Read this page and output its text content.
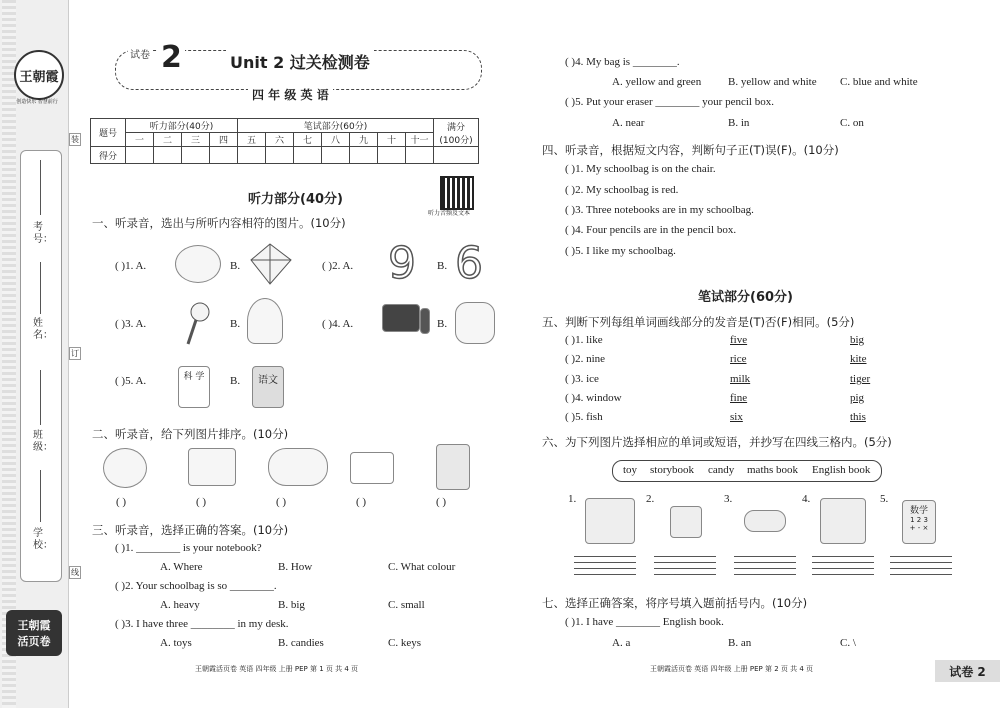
王朝霞
创造快乐 智慧前行
考号：
姓名：
班级：
学校：
装
订
线
王朝霞
活页卷
试卷 2	Unit 2 过关检测卷
四 年 级 英 语
题号	听力部分(40分)				笔试部分(60分)							满分
(100分)
	一	二	三	四	五	六	七	八	九	十	十一	
得分												
听力部分(40分)
听力音频及文本
一、听录音，选出与所听内容相符的图片。(10分)
( )1. A.	B.	( )2. A. 9 B. 6
( )3. A.	B.	( )4. A.	B.
( )5. A.	科 学	B.	语文
二、听录音，给下列图片排序。(10分)
( )	( )	( )	( )	( )
三、听录音，选择正确的答案。(10分)
( )1. ________ is your notebook?
A. Where	B. How	C. What colour
( )2. Your schoolbag is so ________.
A. heavy	B. big	C. small
( )3. I have three ________ in my desk.
A. toys	B. candies	C. keys
王朝霞活页卷 英语 四年级 上册 PEP 第 1 页 共 4 页
( )4. My bag is ________.
A. yellow and green B. yellow and white C. blue and white
( )5. Put your eraser ________ your pencil box.
A. near	B. in	C. on
四、听录音，根据短文内容，判断句子正(T)误(F)。(10分)
( )1. My schoolbag is on the chair.
( )2. My schoolbag is red.
( )3. Three notebooks are in my schoolbag.
( )4. Four pencils are in the pencil box.
( )5. I like my schoolbag.
笔试部分(60分)
五、判断下列每组单词画线部分的发音是(T)否(F)相同。(5分)
( )1. like	five	big
( )2. nine	rice	kite
( )3. ice	milk	tiger
( )4. window	fine	pig
( )5. fish	six	this
六、为下列图片选择相应的单词或短语，并抄写在四线三格内。(5分)
toy storybook candy maths book English book
1.	2.	3.	4.	5.
数学
1 2 3
+ - ×
七、选择正确答案，将序号填入题前括号内。(10分)
( )1. I have ________ English book.
A. a	B. an	C. \
王朝霞活页卷 英语 四年级 上册 PEP 第 2 页 共 4 页	试卷 2
